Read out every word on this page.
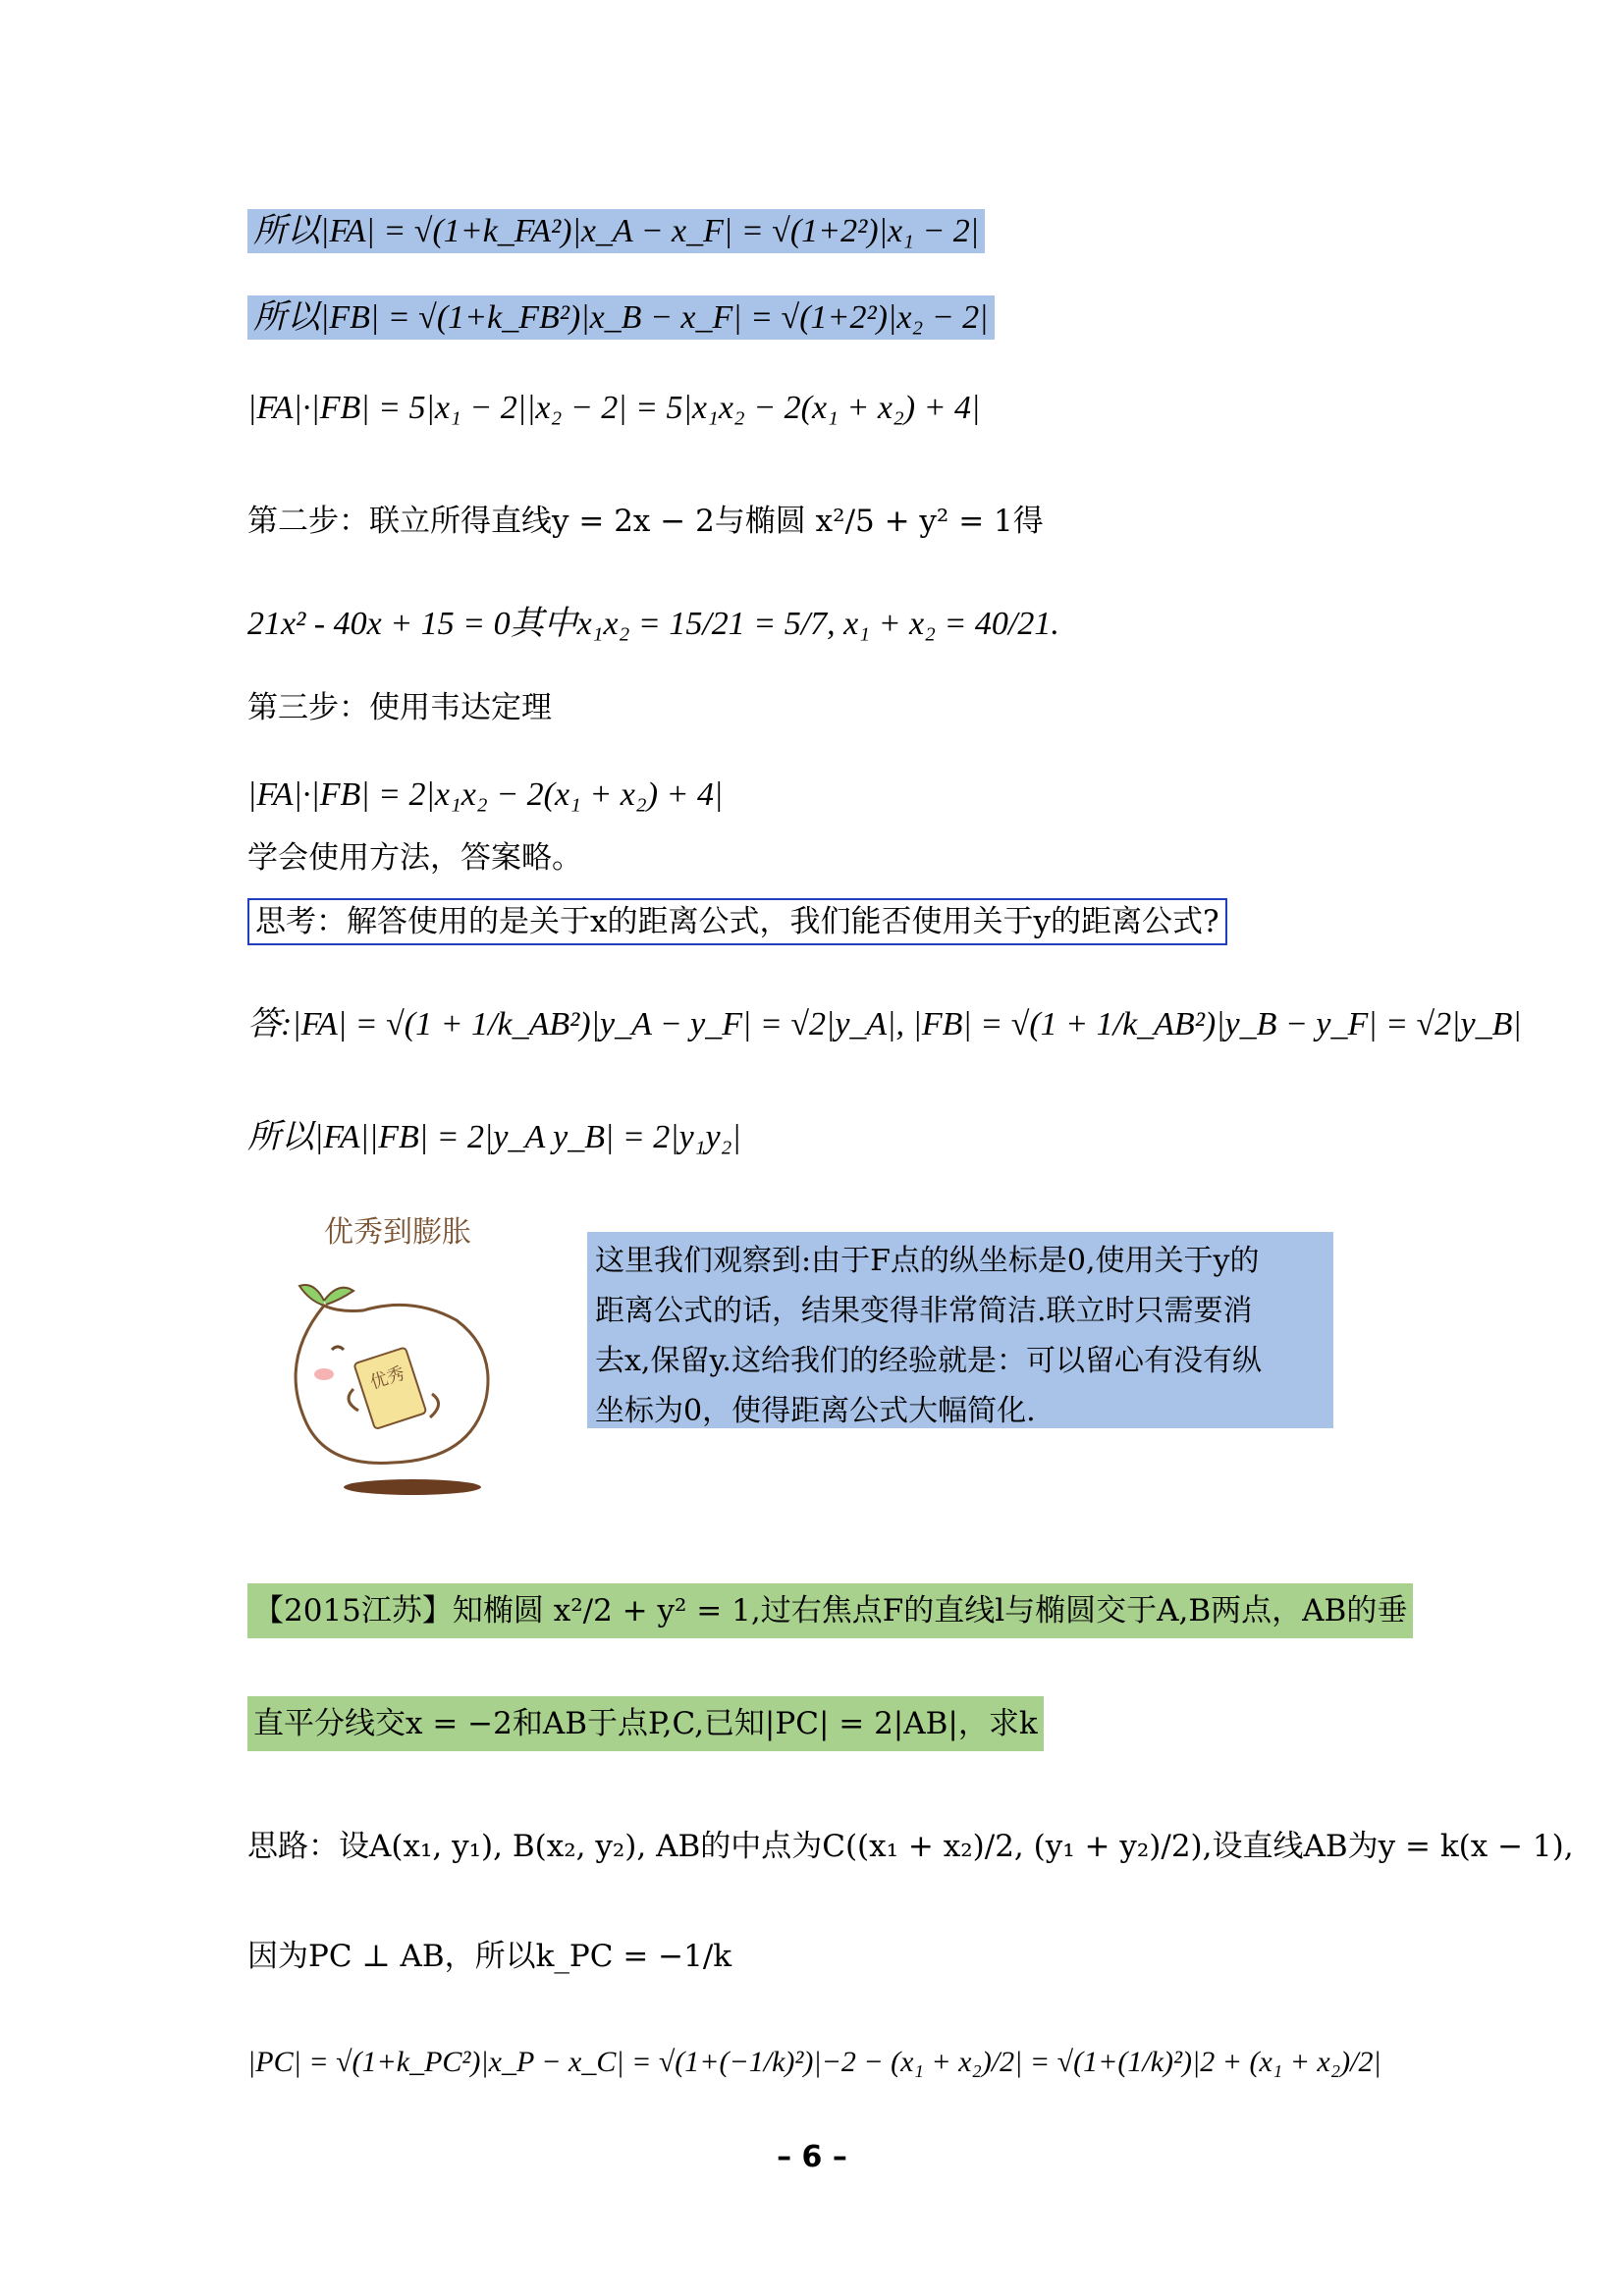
所以|FA| = √(1+k_FA²)|x_A − x_F| = √(1+2²)|x₁ − 2|
所以|FB| = √(1+k_FB²)|x_B − x_F| = √(1+2²)|x₂ − 2|
|FA|·|FB| = 5|x₁ − 2||x₂ − 2| = 5|x₁x₂ − 2(x₁ + x₂) + 4|
第二步：联立所得直线y = 2x − 2与椭圆 x²/5 + y² = 1得
21x² - 40x + 15 = 0其中x₁x₂ = 15/21 = 5/7, x₁ + x₂ = 40/21.
第三步：使用韦达定理
|FA|·|FB| = 2|x₁x₂ − 2(x₁ + x₂) + 4|
学会使用方法，答案略。
思考：解答使用的是关于x的距离公式，我们能否使用关于y的距离公式?
答:|FA| = √(1 + 1/k_AB²)|y_A − y_F| = √2|y_A|, |FB| = √(1 + 1/k_AB²)|y_B − y_F| = √2|y_B|
所以|FA||FB| = 2|y_A y_B| = 2|y₁y₂|
优秀到膨胀
优秀

这里我们观察到:由于F点的纵坐标是0,使用关于y的

距离公式的话，结果变得非常简洁.联立时只需要消

去x,保留y.这给我们的经验就是：可以留心有没有纵

坐标为0，使得距离公式大幅简化.

【2015江苏】知椭圆 x²/2 + y² = 1,过右焦点F的直线l与椭圆交于A,B两点，AB的垂
直平分线交x = −2和AB于点P,C,已知|PC| = 2|AB|，求k
思路：设A(x₁, y₁), B(x₂, y₂), AB的中点为C((x₁ + x₂)/2, (y₁ + y₂)/2),设直线AB为y = k(x − 1),
因为PC ⊥ AB，所以k_PC = −1/k
|PC| = √(1+k_PC²)|x_P − x_C| = √(1+(−1/k)²)|−2 − (x₁ + x₂)/2| = √(1+(1/k)²)|2 + (x₁ + x₂)/2|
– 6 –
